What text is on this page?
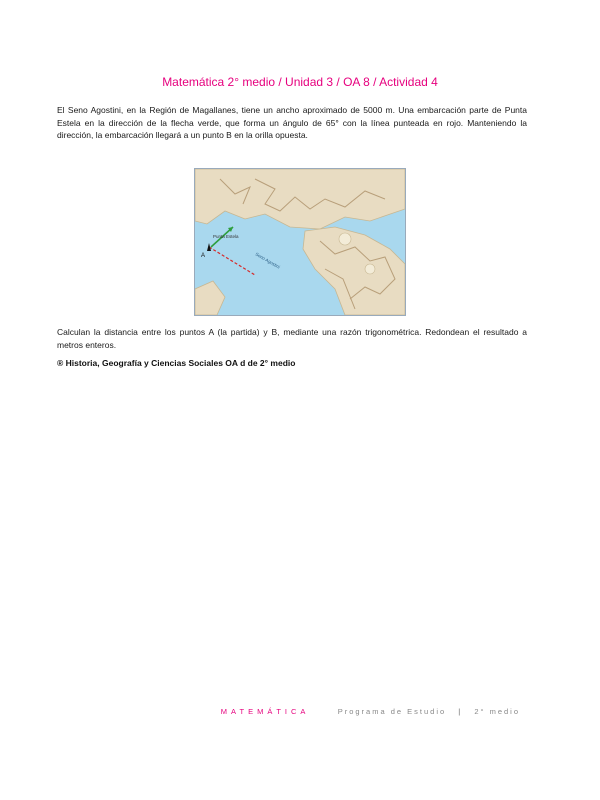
Matemática 2° medio / Unidad 3 / OA 8 / Actividad 4

El Seno Agostini, en la Región de Magallanes, tiene un ancho aproximado de 5000 m. Una embarcación parte de Punta Estela en la dirección de la flecha verde, que forma un ángulo de 65° con la línea punteada en rojo. Manteniendo la dirección, la embarcación llegará a un punto B en la orilla opuesta.

A
Punta Estela
Seno Agostini

Calculan la distancia entre los puntos A (la partida) y B, mediante una razón trigonométrica. Redondean el resultado a metros enteros.

® Historia, Geografía y Ciencias Sociales OA d de 2° medio
MATEMÁTICA	Programa de Estudio | 2° medio
